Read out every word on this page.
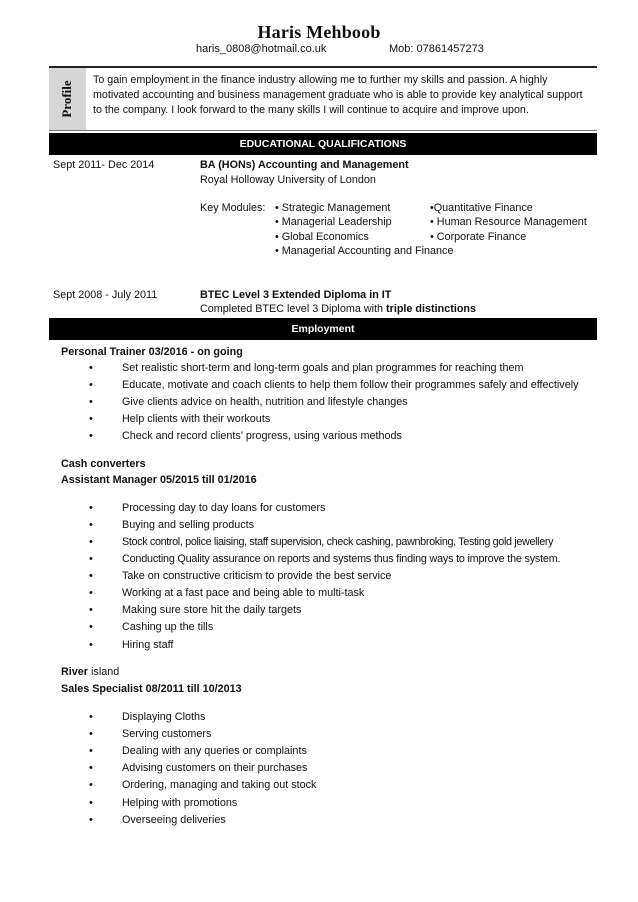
Haris Mehboob
haris_0808@hotmail.co.uk	Mob: 07861457273
Profile
To gain employment in the finance industry allowing me to further my skills and passion. A highly motivated accounting and business management graduate who is able to provide key analytical support to the company. I look forward to the many skills I will continue to acquire and improve upon.
EDUCATIONAL QUALIFICATIONS
Sept 2011- Dec 2014	BA (HONs) Accounting and Management
Royal Holloway University of London
Key Modules: • Strategic Management	•Quantitative Finance
• Managerial Leadership	• Human Resource Management
• Global Economics	• Corporate Finance
• Managerial Accounting and Finance
Sept 2008 - July 2011	BTEC Level 3 Extended Diploma in IT
Completed BTEC level 3 Diploma with triple distinctions
Employment
Personal Trainer 03/2016 - on going
•	Set realistic short-term and long-term goals and plan programmes for reaching them
•	Educate, motivate and coach clients to help them follow their programmes safely and effectively
•	Give clients advice on health, nutrition and lifestyle changes
•	Help clients with their workouts
•	Check and record clients' progress, using various methods
Cash converters
Assistant Manager 05/2015 till 01/2016
•	Processing day to day loans for customers
•	Buying and selling products
•	Stock control, police liaising, staff supervision, check cashing, pawnbroking, Testing gold jewellery
•	Conducting Quality assurance on reports and systems thus finding ways to improve the system.
•	Take on constructive criticism to provide the best service
•	Working at a fast pace and being able to multi-task
•	Making sure store hit the daily targets
•	Cashing up the tills
•	Hiring staff
River island
Sales Specialist 08/2011 till 10/2013
•	Displaying Cloths
•	Serving customers
•	Dealing with any queries or complaints
•	Advising customers on their purchases
•	Ordering, managing and taking out stock
•	Helping with promotions
•	Overseeing deliveries
